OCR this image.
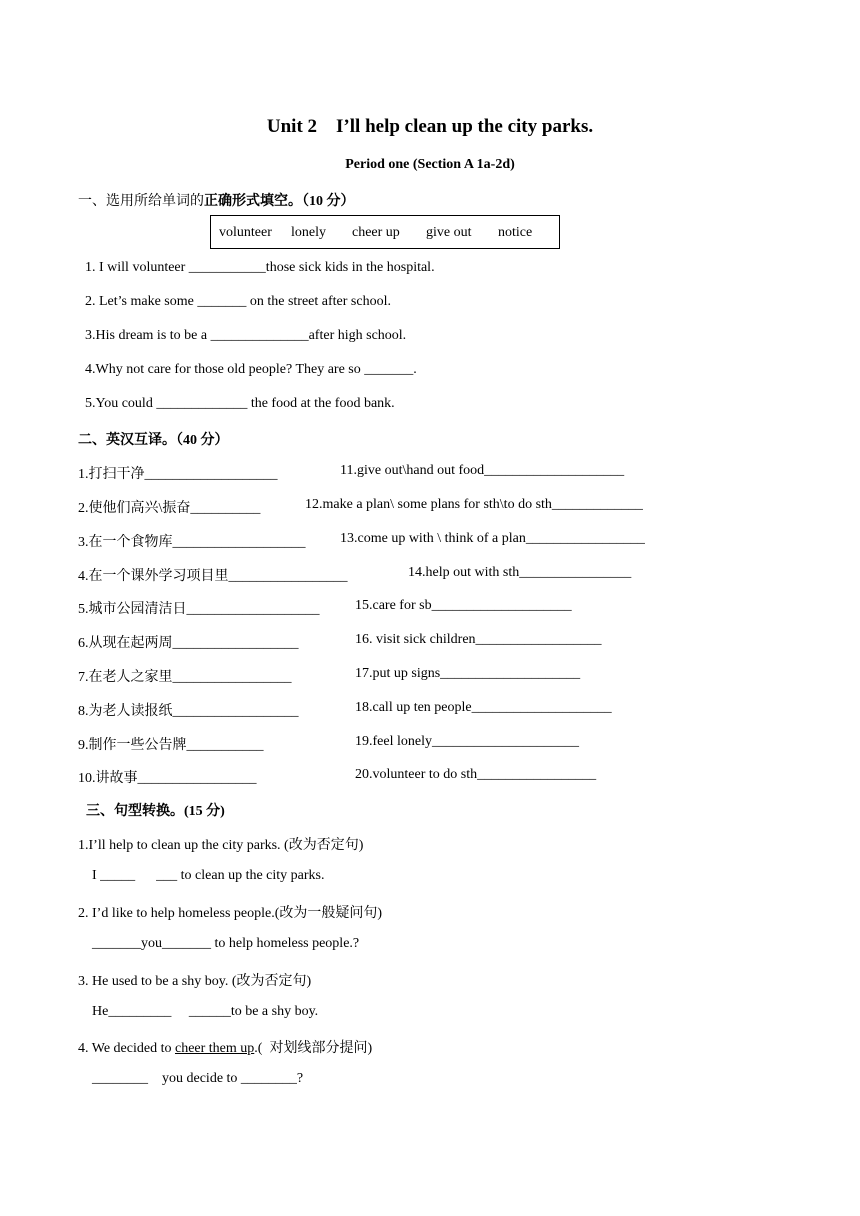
Unit 2    I’ll help clean up the city parks.
Period one (Section A 1a-2d)
一、选用所给单词的正确形式填空。（10 分）
volunteer lonely cheer up give out notice
1. I will volunteer ___________those sick kids in the hospital.
2. Let’s make some _______ on the street after school.
3.His dream is to be a ______________after high school.
4.Why not care for those old people? They are so _______.
5.You could _____________ the food at the food bank.
二、英汉互译。（40 分）
1.打扫干净___________________
2.使他们高兴\振奋__________
3.在一个食物库___________________
4.在一个课外学习项目里_________________
5.城市公园清洁日___________________
6.从现在起两周__________________
7.在老人之家里_________________
8.为老人读报纸__________________
9.制作一些公告牌___________
10.讲故事_________________
11.give out\hand out food____________________
12.make a plan\ some plans for sth\to do sth_____________
13.come up with \ think of a plan_________________
14.help out with sth________________
15.care for sb____________________
16. visit sick children__________________
17.put up signs____________________
18.call up ten people____________________
19.feel lonely_____________________
20.volunteer to do sth_________________
三、句型转换。(15 分)
1.I’ll help to clean up the city parks. (改为否定句)
I _____      ___ to clean up the city parks.
2. I’d like to help homeless people.(改为一般疑问句)
_______you_______ to help homeless people.?
3. He used to be a shy boy. (改为否定句)
He_________     ______to be a shy boy.
4. We decided to cheer them up.(  对划线部分提问)
________    you decide to ________?
